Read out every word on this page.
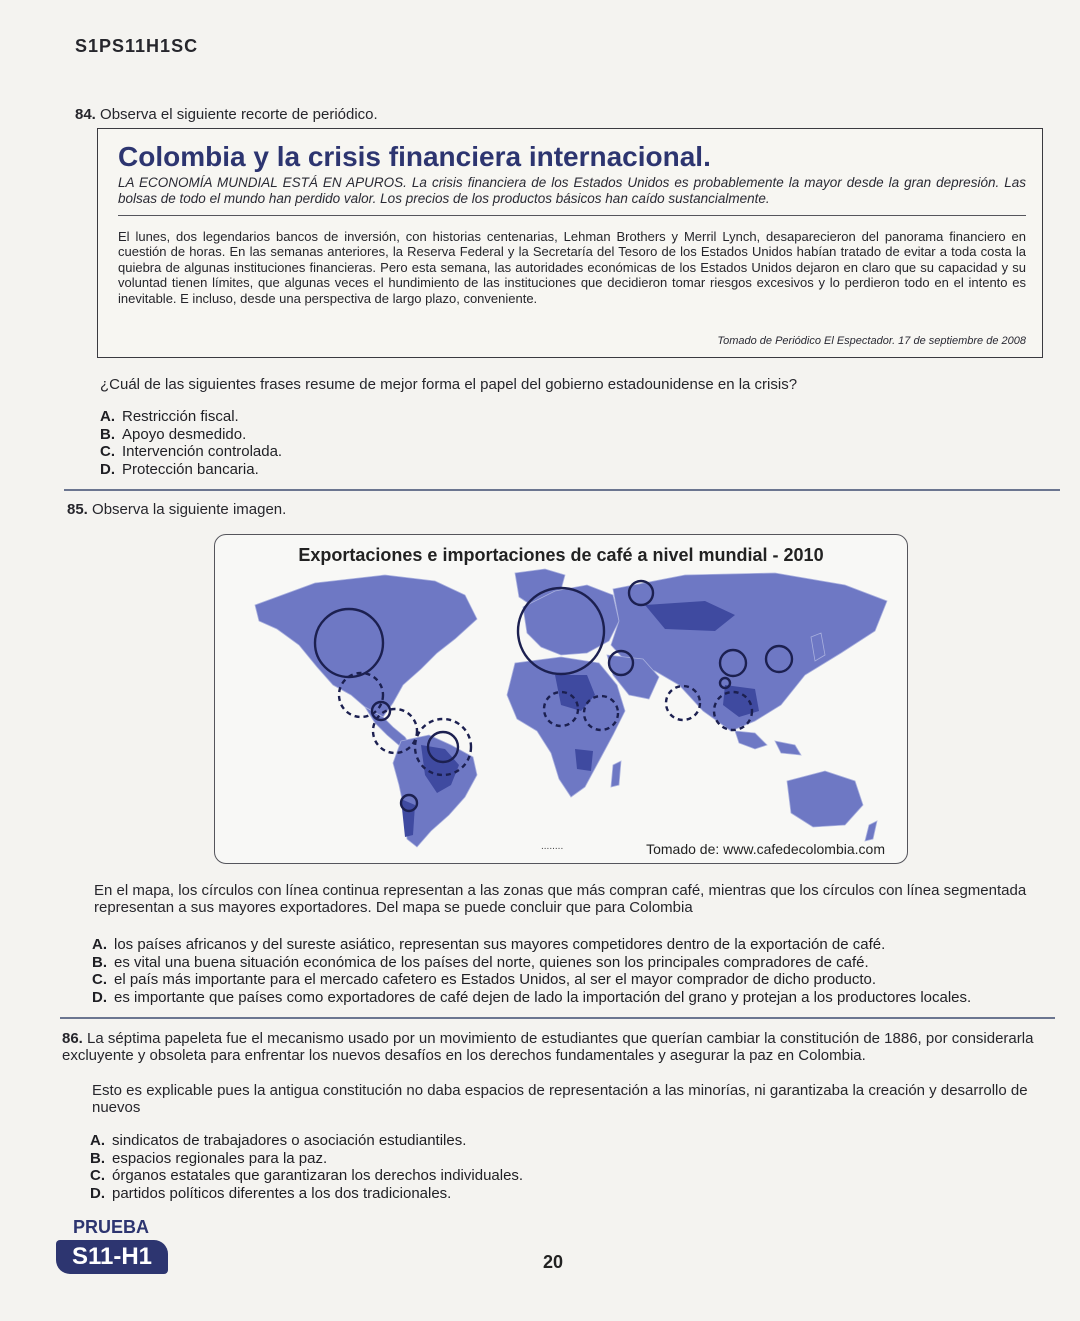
S1PS11H1SC
84. Observa el siguiente recorte de periódico.
Colombia y la crisis financiera internacional.
LA ECONOMÍA MUNDIAL ESTÁ EN APUROS. La crisis financiera de los Estados Unidos es probablemente la mayor desde la gran depresión. Las bolsas de todo el mundo han perdido valor. Los precios de los productos básicos han caído sustancialmente.
El lunes, dos legendarios bancos de inversión, con historias centenarias, Lehman Brothers y Merril Lynch, desaparecieron del panorama financiero en cuestión de horas. En las semanas anteriores, la Reserva Federal y la Secretaría del Tesoro de los Estados Unidos habían tratado de evitar a toda costa la quiebra de algunas instituciones financieras. Pero esta semana, las autoridades económicas de los Estados Unidos dejaron en claro que su capacidad y su voluntad tienen límites, que algunas veces el hundimiento de las instituciones que decidieron tomar riesgos excesivos y lo perdieron todo en el intento es inevitable. E incluso, desde una perspectiva de largo plazo, conveniente.
Tomado de Periódico El Espectador. 17 de septiembre de 2008
¿Cuál de las siguientes frases resume de mejor forma el papel del gobierno estadounidense en la crisis?
A. Restricción fiscal.
B. Apoyo desmedido.
C. Intervención controlada.
D. Protección bancaria.
85. Observa la siguiente imagen.
........
Exportaciones e importaciones de café a nivel mundial - 2010
Tomado de: www.cafedecolombia.com
En el mapa, los círculos con línea continua representan a las zonas que más compran café, mientras que los círculos con línea segmentada representan a sus mayores exportadores. Del mapa se puede concluir que para Colombia
A. los países africanos y del sureste asiático, representan sus mayores competidores dentro de la exportación de café.
B. es vital una buena situación económica de los países del norte, quienes son los principales compradores de café.
C. el país más importante para el mercado cafetero es Estados Unidos, al ser el mayor comprador de dicho producto.
D. es importante que países como exportadores de café dejen de lado la importación del grano y protejan a los productores locales.
86. La séptima papeleta fue el mecanismo usado por un movimiento de estudiantes que querían cambiar la constitución de 1886, por considerarla excluyente y obsoleta para enfrentar los nuevos desafíos en los derechos fundamentales y asegurar la paz en Colombia.
Esto es explicable pues la antigua constitución no daba espacios de representación a las minorías, ni garantizaba la creación y desarrollo de nuevos
A. sindicatos de trabajadores o asociación estudiantiles.
B. espacios regionales para la paz.
C. órganos estatales que garantizaran los derechos individuales.
D. partidos políticos diferentes a los dos tradicionales.
PRUEBA
S11-H1	20
